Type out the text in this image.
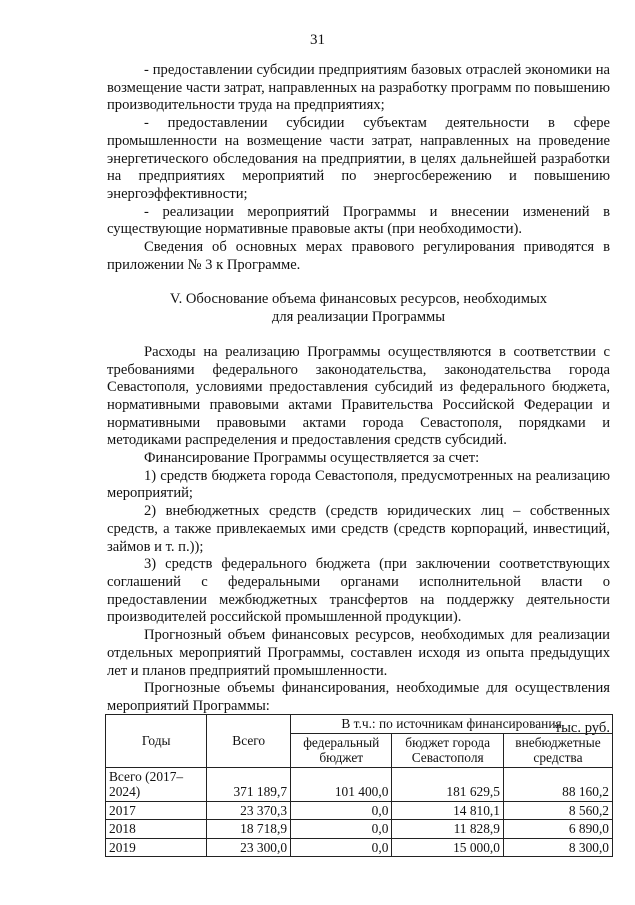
31

- предоставлении субсидии предприятиям базовых отраслей экономики на возмещение части затрат, направленных на разработку программ по повышению производительности труда на предприятиях;

- предоставлении субсидии субъектам деятельности в сфере промышленности на возмещение части затрат, направленных на проведение энергетического обследования на предприятии, в целях дальнейшей разработки на предприятиях мероприятий по энергосбережению и повышению энергоэффективности;

- реализации мероприятий Программы и внесении изменений в существующие нормативные правовые акты (при необходимости).

Сведения об основных мерах правового регулирования приводятся в приложении № 3 к Программе.

V. Обоснование объема финансовых ресурсов, необходимых
для реализации Программы

Расходы на реализацию Программы осуществляются в соответствии с требованиями федерального законодательства, законодательства города Севастополя, условиями предоставления субсидий из федерального бюджета, нормативными правовыми актами Правительства Российской Федерации и нормативными правовыми актами города Севастополя, порядками и методиками распределения и предоставления средств субсидий.

Финансирование Программы осуществляется за счет:

1) средств бюджета города Севастополя, предусмотренных на реализацию мероприятий;

2) внебюджетных средств (средств юридических лиц – собственных средств, а также привлекаемых ими средств (средств корпораций, инвестиций, займов и т. п.));

3) средств федерального бюджета (при заключении соответствующих соглашений с федеральными органами исполнительной власти о предоставлении межбюджетных трансфертов на поддержку деятельности производителей российской промышленной продукции).

Прогнозный объем финансовых ресурсов, необходимых для реализации отдельных мероприятий Программы, составлен исходя из опыта предыдущих лет и планов предприятий промышленности.

Прогнозные объемы финансирования, необходимые для осуществления мероприятий Программы:

тыс. руб.

Годы	Всего	В т.ч.: по источникам финансирования		
		федеральный бюджет	бюджет города Севастополя	внебюджетные средства
Всего (2017–2024)	371 189,7	101 400,0	181 629,5	88 160,2
2017	23 370,3	0,0	14 810,1	8 560,2
2018	18 718,9	0,0	11 828,9	6 890,0
2019	23 300,0	0,0	15 000,0	8 300,0
